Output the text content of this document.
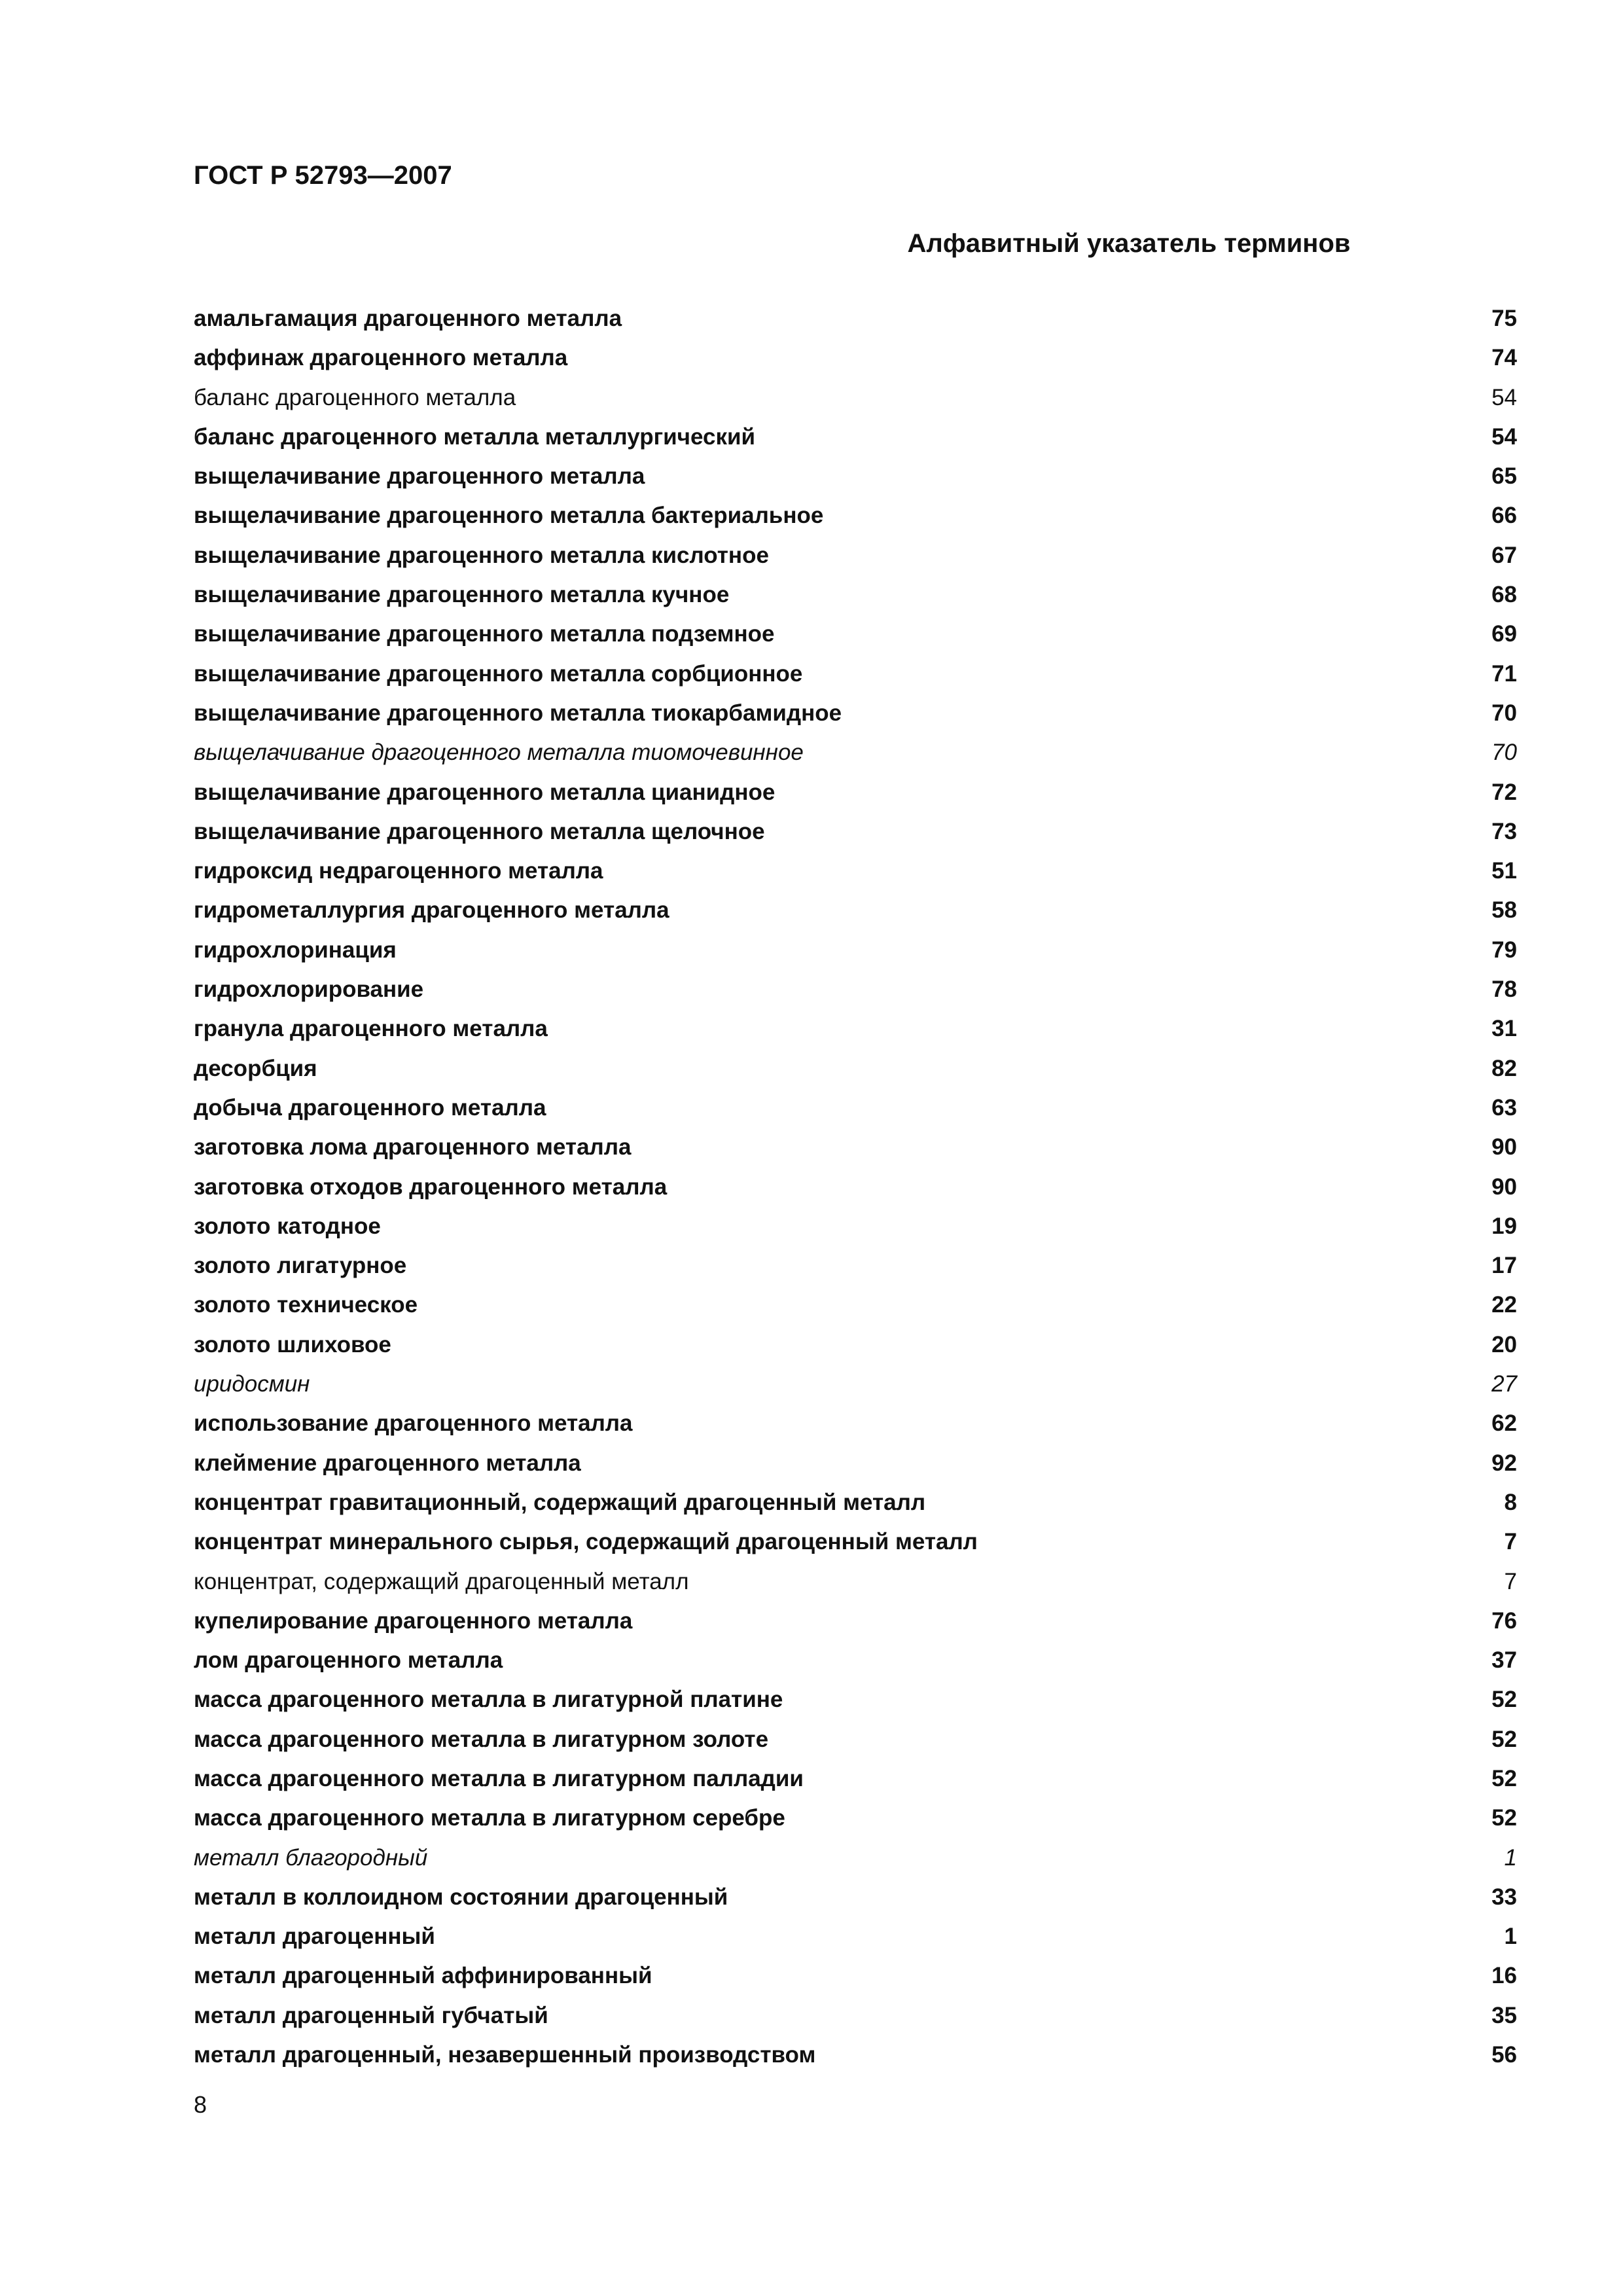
ГОСТ Р 52793—2007
Алфавитный указатель терминов
амальгамация драгоценного металла	75
аффинаж драгоценного металла	74
баланс драгоценного металла	54
баланс драгоценного металла металлургический	54
выщелачивание драгоценного металла	65
выщелачивание драгоценного металла бактериальное	66
выщелачивание драгоценного металла кислотное	67
выщелачивание драгоценного металла кучное	68
выщелачивание драгоценного металла подземное	69
выщелачивание драгоценного металла сорбционное	71
выщелачивание драгоценного металла тиокарбамидное	70
выщелачивание драгоценного металла тиомочевинное	70
выщелачивание драгоценного металла цианидное	72
выщелачивание драгоценного металла щелочное	73
гидроксид недрагоценного металла	51
гидрометаллургия драгоценного металла	58
гидрохлоринация	79
гидрохлорирование	78
гранула драгоценного металла	31
десорбция	82
добыча драгоценного металла	63
заготовка лома драгоценного металла	90
заготовка отходов драгоценного металла	90
золото катодное	19
золото лигатурное	17
золото техническое	22
золото шлиховое	20
иридосмин	27
использование драгоценного металла	62
клеймение драгоценного металла	92
концентрат гравитационный, содержащий драгоценный металл	8
концентрат минерального сырья, содержащий драгоценный металл	7
концентрат, содержащий драгоценный металл	7
купелирование драгоценного металла	76
лом драгоценного металла	37
масса драгоценного металла в лигатурной платине	52
масса драгоценного металла в лигатурном золоте	52
масса драгоценного металла в лигатурном палладии	52
масса драгоценного металла в лигатурном серебре	52
металл благородный	1
металл в коллоидном состоянии драгоценный	33
металл драгоценный	1
металл драгоценный аффинированный	16
металл драгоценный губчатый	35
металл драгоценный, незавершенный производством	56
8
